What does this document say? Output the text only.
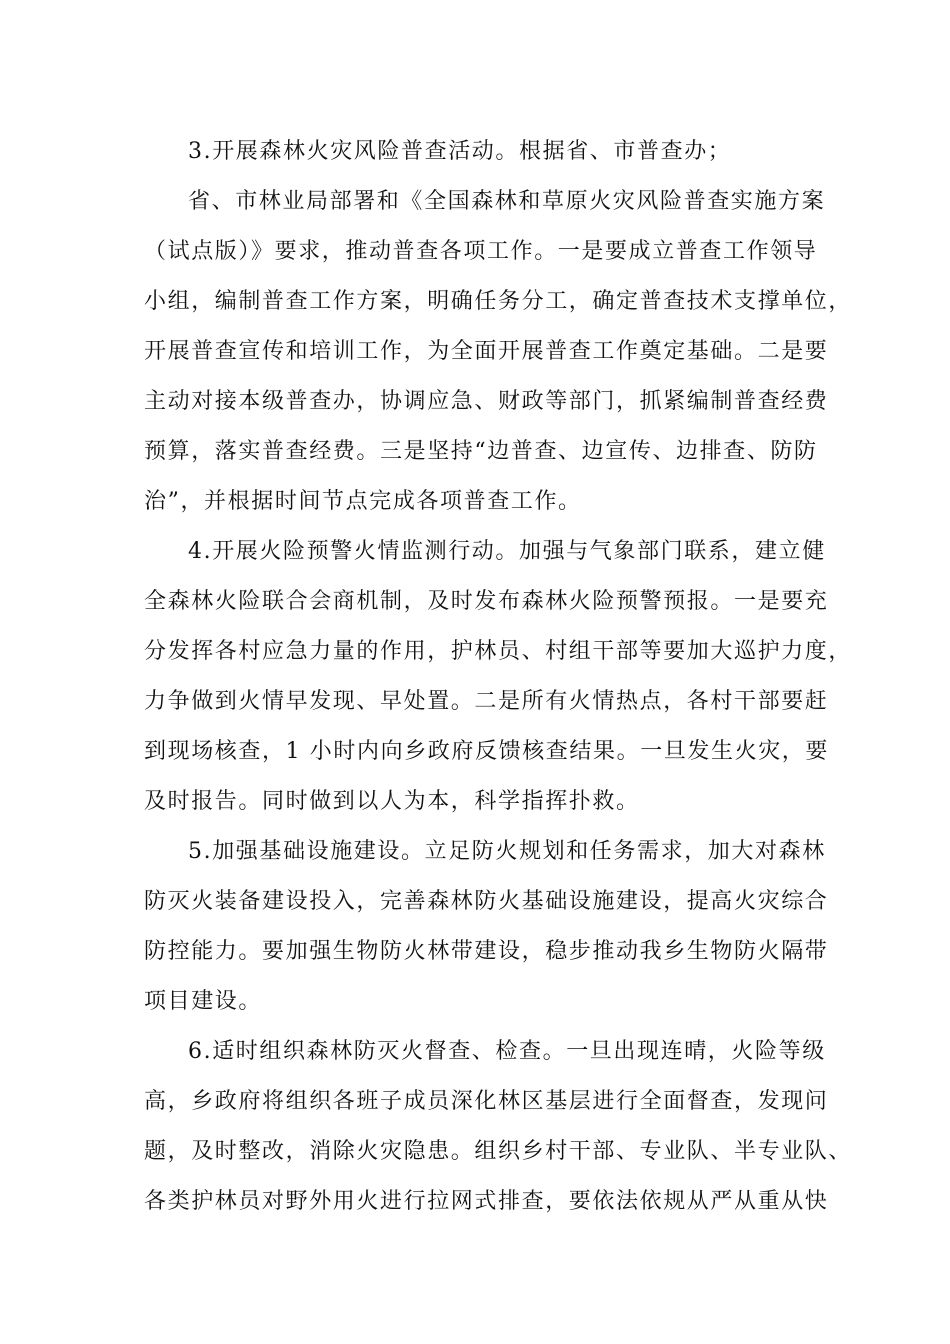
3.开展森林火灾风险普查活动。根据省、市普查办；
省、市林业局部署和《全国森林和草原火灾风险普查实施方案
（试点版）》要求，推动普查各项工作。一是要成立普查工作领导
小组，编制普查工作方案，明确任务分工，确定普查技术支撑单位，
开展普查宣传和培训工作，为全面开展普查工作奠定基础。二是要
主动对接本级普查办，协调应急、财政等部门，抓紧编制普查经费
预算，落实普查经费。三是坚持“边普查、边宣传、边排查、防防
治”，并根据时间节点完成各项普查工作。
4.开展火险预警火情监测行动。加强与气象部门联系，建立健
全森林火险联合会商机制，及时发布森林火险预警预报。一是要充
分发挥各村应急力量的作用，护林员、村组干部等要加大巡护力度，
力争做到火情早发现、早处置。二是所有火情热点，各村干部要赶
到现场核查，1 小时内向乡政府反馈核查结果。一旦发生火灾，要
及时报告。同时做到以人为本，科学指挥扑救。
5.加强基础设施建设。立足防火规划和任务需求，加大对森林
防灭火装备建设投入，完善森林防火基础设施建设，提高火灾综合
防控能力。要加强生物防火林带建设，稳步推动我乡生物防火隔带
项目建设。
6.适时组织森林防灭火督查、检查。一旦出现连晴，火险等级
高，乡政府将组织各班子成员深化林区基层进行全面督查，发现问
题，及时整改，消除火灾隐患。组织乡村干部、专业队、半专业队、
各类护林员对野外用火进行拉网式排查，要依法依规从严从重从快
